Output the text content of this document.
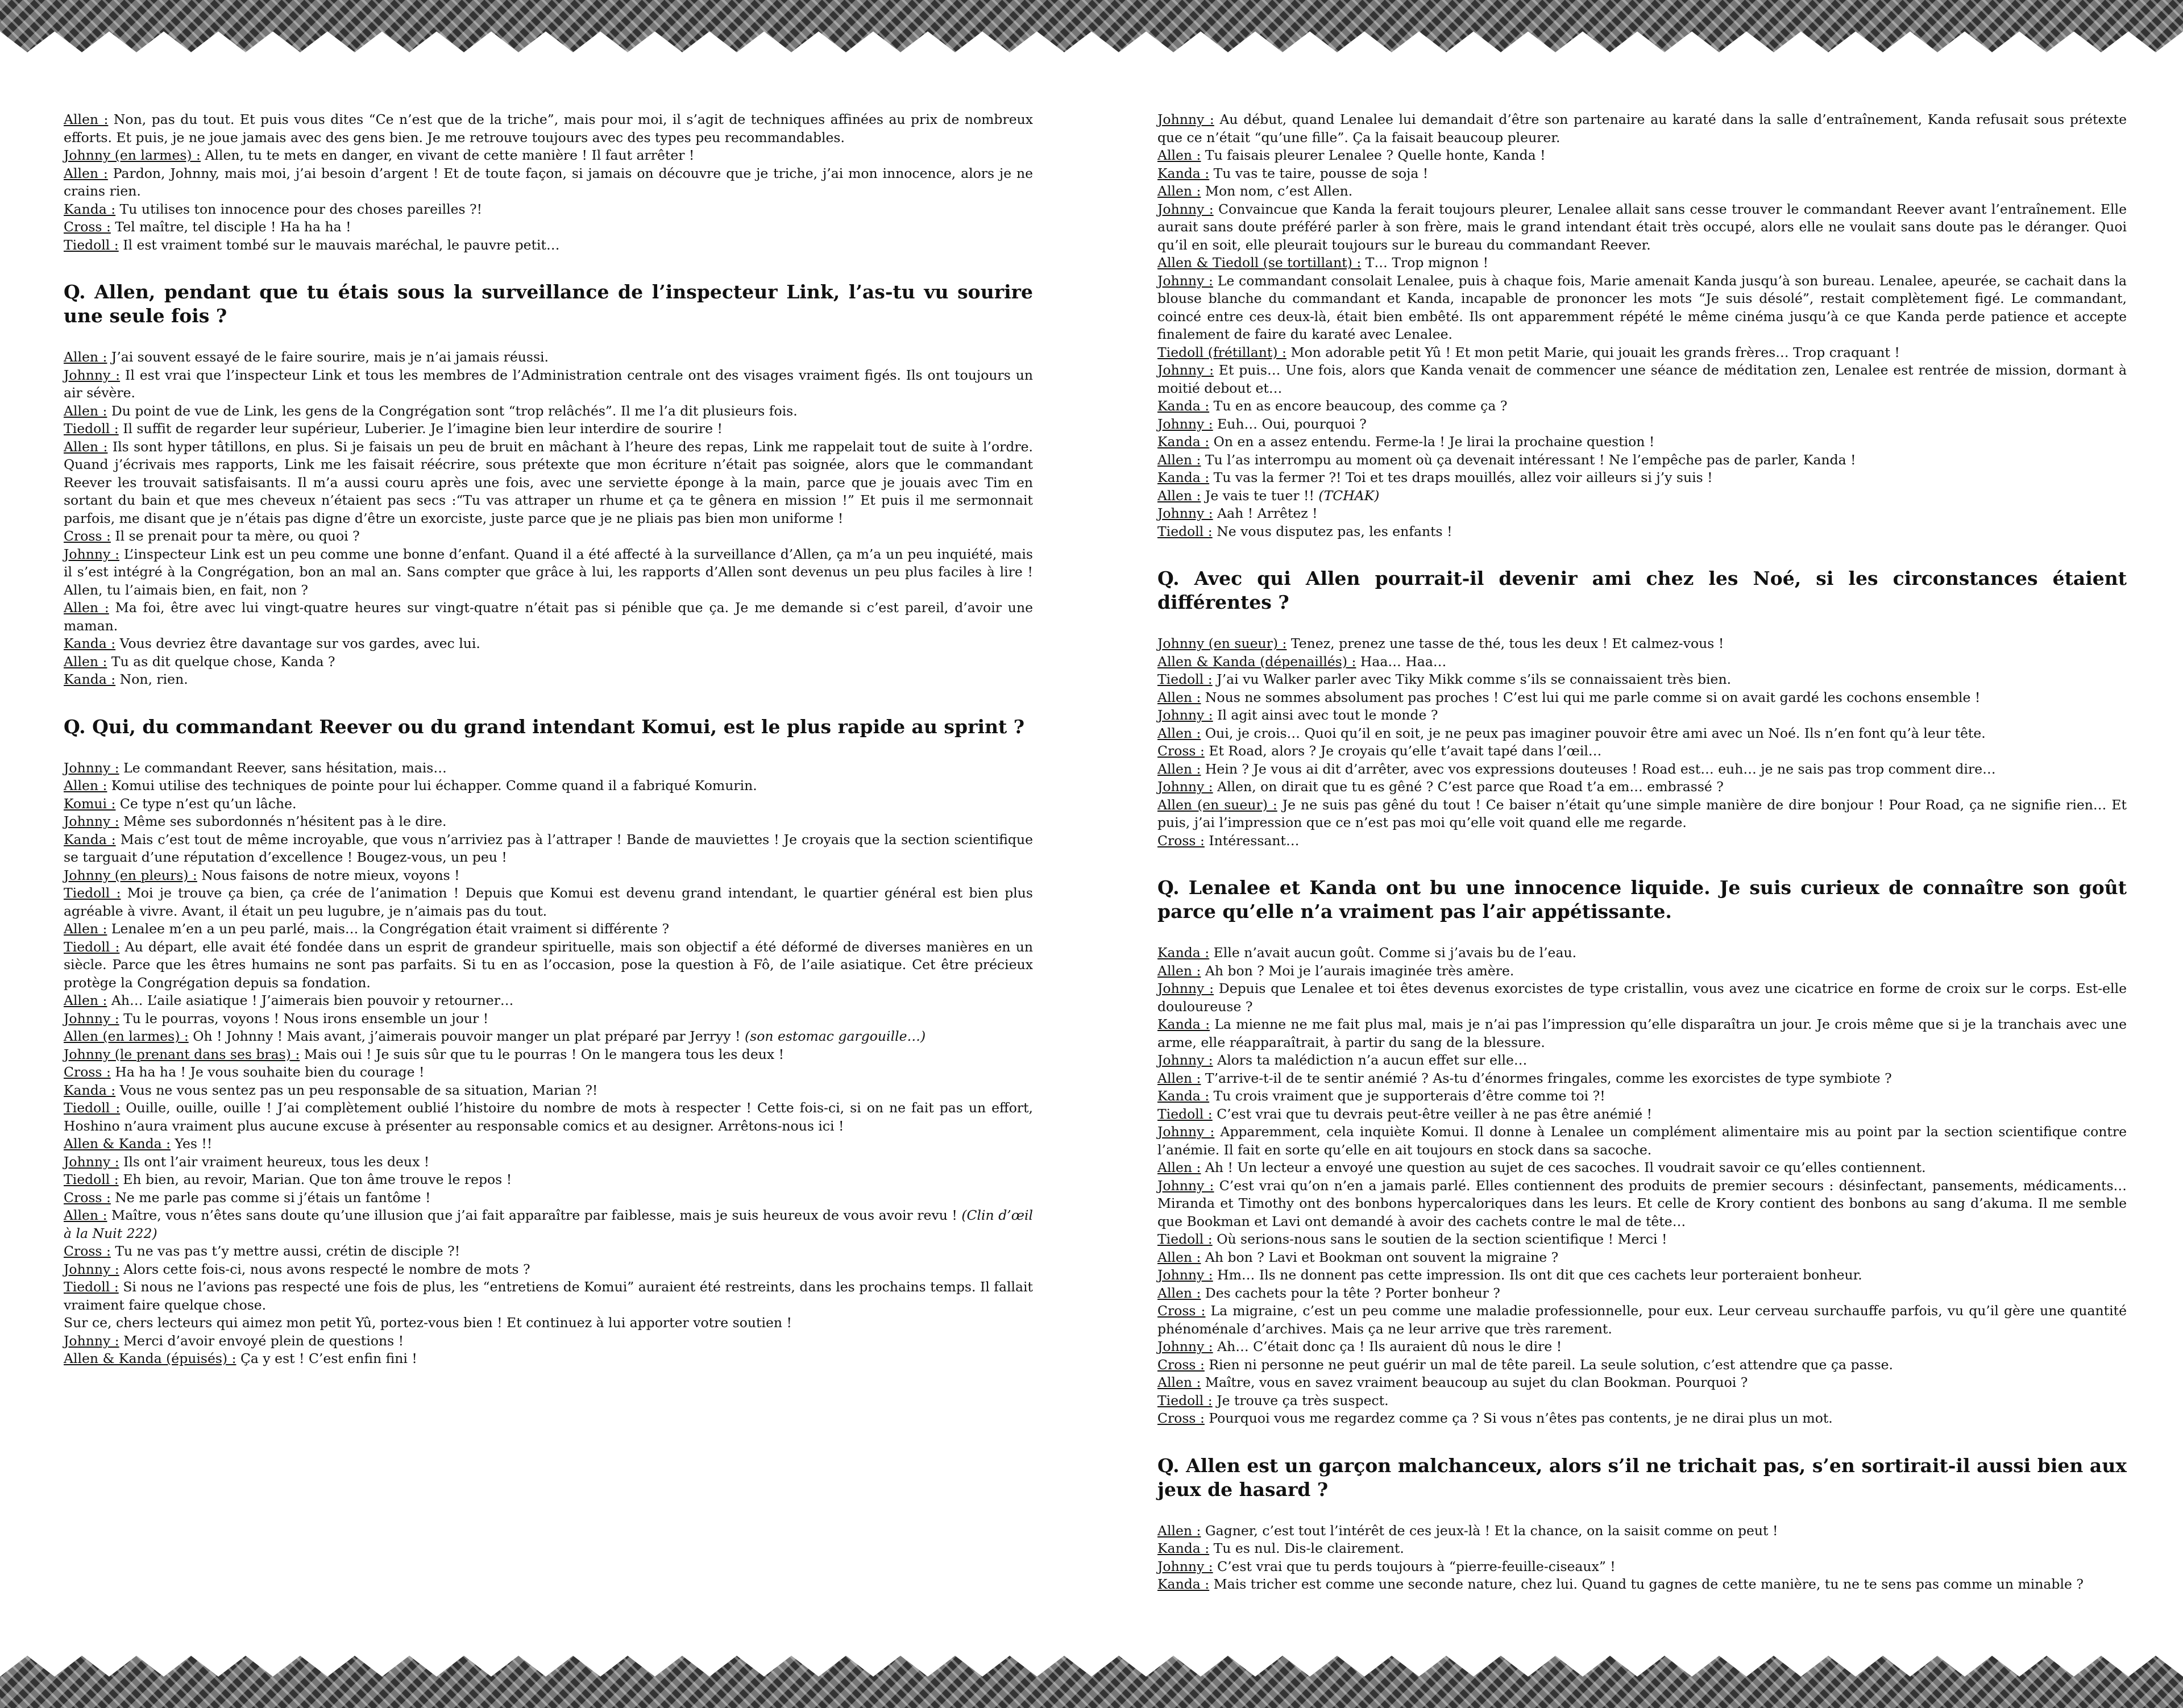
Allen : Non, pas du tout. Et puis vous dites “Ce n’est que de la triche”, mais pour moi, il s’agit de techniques affinées au prix de nombreux efforts. Et puis, je ne joue jamais avec des gens bien. Je me retrouve toujours avec des types peu recommandables.

Johnny (en larmes) : Allen, tu te mets en danger, en vivant de cette manière ! Il faut arrêter !

Allen : Pardon, Johnny, mais moi, j’ai besoin d’argent ! Et de toute façon, si jamais on découvre que je triche, j’ai mon innocence, alors je ne crains rien.

Kanda : Tu utilises ton innocence pour des choses pareilles ?!

Cross : Tel maître, tel disciple ! Ha ha ha !

Tiedoll : Il est vraiment tombé sur le mauvais maréchal, le pauvre petit…

Q. Allen, pendant que tu étais sous la surveillance de l’inspecteur Link, l’as-tu vu sourire une seule fois ?

Allen : J’ai souvent essayé de le faire sourire, mais je n’ai jamais réussi.

Johnny : Il est vrai que l’inspecteur Link et tous les membres de l’Administration centrale ont des visages vraiment figés. Ils ont toujours un air sévère.

Allen : Du point de vue de Link, les gens de la Congrégation sont “trop relâchés”. Il me l’a dit plusieurs fois.

Tiedoll : Il suffit de regarder leur supérieur, Luberier. Je l’imagine bien leur interdire de sourire !

Allen : Ils sont hyper tâtillons, en plus. Si je faisais un peu de bruit en mâchant à l’heure des repas, Link me rappelait tout de suite à l’ordre. Quand j’écrivais mes rapports, Link me les faisait réécrire, sous prétexte que mon écriture n’était pas soignée, alors que le commandant Reever les trouvait satisfaisants. Il m’a aussi couru après une fois, avec une serviette éponge à la main, parce que je jouais avec Tim en sortant du bain et que mes cheveux n’étaient pas secs :“Tu vas attraper un rhume et ça te gênera en mission !” Et puis il me sermonnait parfois, me disant que je n’étais pas digne d’être un exorciste, juste parce que je ne pliais pas bien mon uniforme !

Cross : Il se prenait pour ta mère, ou quoi ?

Johnny : L’inspecteur Link est un peu comme une bonne d’enfant. Quand il a été affecté à la surveillance d’Allen, ça m’a un peu inquiété, mais il s’est intégré à la Congrégation, bon an mal an. Sans compter que grâce à lui, les rapports d’Allen sont devenus un peu plus faciles à lire ! Allen, tu l’aimais bien, en fait, non ?

Allen : Ma foi, être avec lui vingt-quatre heures sur vingt-quatre n’était pas si pénible que ça. Je me demande si c’est pareil, d’avoir une maman.

Kanda : Vous devriez être davantage sur vos gardes, avec lui.

Allen : Tu as dit quelque chose, Kanda ?

Kanda : Non, rien.

Q. Qui, du commandant Reever ou du grand intendant Komui, est le plus rapide au sprint ?

Johnny : Le commandant Reever, sans hésitation, mais…

Allen : Komui utilise des techniques de pointe pour lui échapper. Comme quand il a fabriqué Komurin.

Komui : Ce type n’est qu’un lâche.

Johnny : Même ses subordonnés n’hésitent pas à le dire.

Kanda : Mais c’est tout de même incroyable, que vous n’arriviez pas à l’attraper ! Bande de mauviettes ! Je croyais que la section scientifique se targuait d’une réputation d’excellence ! Bougez-vous, un peu !

Johnny (en pleurs) : Nous faisons de notre mieux, voyons !

Tiedoll : Moi je trouve ça bien, ça crée de l’animation ! Depuis que Komui est devenu grand intendant, le quartier général est bien plus agréable à vivre. Avant, il était un peu lugubre, je n’aimais pas du tout.

Allen : Lenalee m’en a un peu parlé, mais… la Congrégation était vraiment si différente ?

Tiedoll : Au départ, elle avait été fondée dans un esprit de grandeur spirituelle, mais son objectif a été déformé de diverses manières en un siècle. Parce que les êtres humains ne sont pas parfaits. Si tu en as l’occasion, pose la question à Fô, de l’aile asiatique. Cet être précieux protège la Congrégation depuis sa fondation.

Allen : Ah… L’aile asiatique ! J’aimerais bien pouvoir y retourner…

Johnny : Tu le pourras, voyons ! Nous irons ensemble un jour !

Allen (en larmes) : Oh ! Johnny ! Mais avant, j’aimerais pouvoir manger un plat préparé par Jerryy ! (son estomac gargouille…)

Johnny (le prenant dans ses bras) : Mais oui ! Je suis sûr que tu le pourras ! On le mangera tous les deux !

Cross : Ha ha ha ! Je vous souhaite bien du courage !

Kanda : Vous ne vous sentez pas un peu responsable de sa situation, Marian ?!

Tiedoll : Ouille, ouille, ouille ! J’ai complètement oublié l’histoire du nombre de mots à respecter ! Cette fois-ci, si on ne fait pas un effort, Hoshino n’aura vraiment plus aucune excuse à présenter au responsable comics et au designer. Arrêtons-nous ici !

Allen & Kanda : Yes !!

Johnny : Ils ont l’air vraiment heureux, tous les deux !

Tiedoll : Eh bien, au revoir, Marian. Que ton âme trouve le repos !

Cross : Ne me parle pas comme si j’étais un fantôme !

Allen : Maître, vous n’êtes sans doute qu’une illusion que j’ai fait apparaître par faiblesse, mais je suis heureux de vous avoir revu ! (Clin d’œil à la Nuit 222)

Cross : Tu ne vas pas t’y mettre aussi, crétin de disciple ?!

Johnny : Alors cette fois-ci, nous avons respecté le nombre de mots ?

Tiedoll : Si nous ne l’avions pas respecté une fois de plus, les “entretiens de Komui” auraient été restreints, dans les prochains temps. Il fallait vraiment faire quelque chose.

Sur ce, chers lecteurs qui aimez mon petit Yû, portez-vous bien ! Et continuez à lui apporter votre soutien !

Johnny : Merci d’avoir envoyé plein de questions !

Allen & Kanda (épuisés) : Ça y est ! C’est enfin fini !

Johnny : Au début, quand Lenalee lui demandait d’être son partenaire au karaté dans la salle d’entraînement, Kanda refusait sous prétexte que ce n’était “qu’une fille”. Ça la faisait beaucoup pleurer.

Allen : Tu faisais pleurer Lenalee ? Quelle honte, Kanda !

Kanda : Tu vas te taire, pousse de soja !

Allen : Mon nom, c’est Allen.

Johnny : Convaincue que Kanda la ferait toujours pleurer, Lenalee allait sans cesse trouver le commandant Reever avant l’entraînement. Elle aurait sans doute préféré parler à son frère, mais le grand intendant était très occupé, alors elle ne voulait sans doute pas le déranger. Quoi qu’il en soit, elle pleurait toujours sur le bureau du commandant Reever.

Allen & Tiedoll (se tortillant) : T… Trop mignon !

Johnny : Le commandant consolait Lenalee, puis à chaque fois, Marie amenait Kanda jusqu’à son bureau. Lenalee, apeurée, se cachait dans la blouse blanche du commandant et Kanda, incapable de prononcer les mots “Je suis désolé”, restait complètement figé. Le commandant, coincé entre ces deux-là, était bien embêté. Ils ont apparemment répété le même cinéma jusqu’à ce que Kanda perde patience et accepte finalement de faire du karaté avec Lenalee.

Tiedoll (frétillant) : Mon adorable petit Yû ! Et mon petit Marie, qui jouait les grands frères… Trop craquant !

Johnny : Et puis… Une fois, alors que Kanda venait de commencer une séance de méditation zen, Lenalee est rentrée de mission, dormant à moitié debout et…

Kanda : Tu en as encore beaucoup, des comme ça ?

Johnny : Euh… Oui, pourquoi ?

Kanda : On en a assez entendu. Ferme-la ! Je lirai la prochaine question !

Allen : Tu l’as interrompu au moment où ça devenait intéressant ! Ne l’empêche pas de parler, Kanda !

Kanda : Tu vas la fermer ?! Toi et tes draps mouillés, allez voir ailleurs si j’y suis !

Allen : Je vais te tuer !! (TCHAK)

Johnny : Aah ! Arrêtez !

Tiedoll : Ne vous disputez pas, les enfants !

Q. Avec qui Allen pourrait-il devenir ami chez les Noé, si les circonstances étaient différentes ?

Johnny (en sueur) : Tenez, prenez une tasse de thé, tous les deux ! Et calmez-vous !

Allen & Kanda (dépenaillés) : Haa… Haa…

Tiedoll : J’ai vu Walker parler avec Tiky Mikk comme s’ils se connaissaient très bien.

Allen : Nous ne sommes absolument pas proches ! C’est lui qui me parle comme si on avait gardé les cochons ensemble !

Johnny : Il agit ainsi avec tout le monde ?

Allen : Oui, je crois… Quoi qu’il en soit, je ne peux pas imaginer pouvoir être ami avec un Noé. Ils n’en font qu’à leur tête.

Cross : Et Road, alors ? Je croyais qu’elle t’avait tapé dans l’œil…

Allen : Hein ? Je vous ai dit d’arrêter, avec vos expressions douteuses ! Road est… euh… je ne sais pas trop comment dire…

Johnny : Allen, on dirait que tu es gêné ? C’est parce que Road t’a em… embrassé ?

Allen (en sueur) : Je ne suis pas gêné du tout ! Ce baiser n’était qu’une simple manière de dire bonjour ! Pour Road, ça ne signifie rien… Et puis, j’ai l’impression que ce n’est pas moi qu’elle voit quand elle me regarde.

Cross : Intéressant…

Q. Lenalee et Kanda ont bu une innocence liquide. Je suis curieux de connaître son goût parce qu’elle n’a vraiment pas l’air appétissante.

Kanda : Elle n’avait aucun goût. Comme si j’avais bu de l’eau.

Allen : Ah bon ? Moi je l’aurais imaginée très amère.

Johnny : Depuis que Lenalee et toi êtes devenus exorcistes de type cristallin, vous avez une cicatrice en forme de croix sur le corps. Est-elle douloureuse ?

Kanda : La mienne ne me fait plus mal, mais je n’ai pas l’impression qu’elle disparaîtra un jour. Je crois même que si je la tranchais avec une arme, elle réapparaîtrait, à partir du sang de la blessure.

Johnny : Alors ta malédiction n’a aucun effet sur elle…

Allen : T’arrive-t-il de te sentir anémié ? As-tu d’énormes fringales, comme les exorcistes de type symbiote ?

Kanda : Tu crois vraiment que je supporterais d’être comme toi ?!

Tiedoll : C’est vrai que tu devrais peut-être veiller à ne pas être anémié !

Johnny : Apparemment, cela inquiète Komui. Il donne à Lenalee un complément alimentaire mis au point par la section scientifique contre l’anémie. Il fait en sorte qu’elle en ait toujours en stock dans sa sacoche.

Allen : Ah ! Un lecteur a envoyé une question au sujet de ces sacoches. Il voudrait savoir ce qu’elles contiennent.

Johnny : C’est vrai qu’on n’en a jamais parlé. Elles contiennent des produits de premier secours : désinfectant, pansements, médicaments… Miranda et Timothy ont des bonbons hypercaloriques dans les leurs. Et celle de Krory contient des bonbons au sang d’akuma. Il me semble que Bookman et Lavi ont demandé à avoir des cachets contre le mal de tête…

Tiedoll : Où serions-nous sans le soutien de la section scientifique ! Merci !

Allen : Ah bon ? Lavi et Bookman ont souvent la migraine ?

Johnny : Hm… Ils ne donnent pas cette impression. Ils ont dit que ces cachets leur porteraient bonheur.

Allen : Des cachets pour la tête ? Porter bonheur ?

Cross : La migraine, c’est un peu comme une maladie professionnelle, pour eux. Leur cerveau surchauffe parfois, vu qu’il gère une quantité phénoménale d’archives. Mais ça ne leur arrive que très rarement.

Johnny : Ah… C’était donc ça ! Ils auraient dû nous le dire !

Cross : Rien ni personne ne peut guérir un mal de tête pareil. La seule solution, c’est attendre que ça passe.

Allen : Maître, vous en savez vraiment beaucoup au sujet du clan Bookman. Pourquoi ?

Tiedoll : Je trouve ça très suspect.

Cross : Pourquoi vous me regardez comme ça ? Si vous n’êtes pas contents, je ne dirai plus un mot.

Q. Allen est un garçon malchanceux, alors s’il ne trichait pas, s’en sortirait-il aussi bien aux jeux de hasard ?

Allen : Gagner, c’est tout l’intérêt de ces jeux-là ! Et la chance, on la saisit comme on peut !

Kanda : Tu es nul. Dis-le clairement.

Johnny : C’est vrai que tu perds toujours à “pierre-feuille-ciseaux” !

Kanda : Mais tricher est comme une seconde nature, chez lui. Quand tu gagnes de cette manière, tu ne te sens pas comme un minable ?
